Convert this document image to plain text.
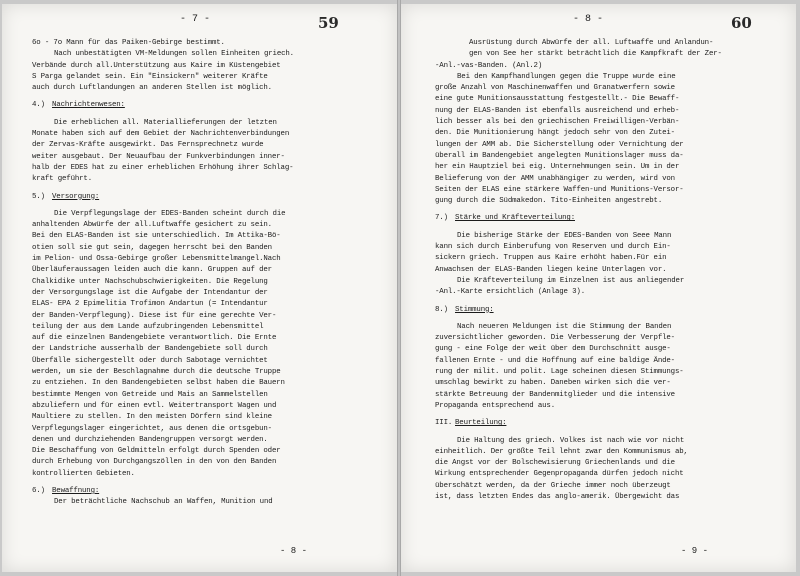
- 7 -	59
6o - 7o Mann für das Paiken-Gebirge bestimmt.
Nach unbestätigten VM-Meldungen sollen Einheiten griech.
Verbände durch all.Unterstützung aus Kaire im Küstengebiet
S Parga gelandet sein. Ein "Einsickern" weiterer Kräfte
auch durch Luftlandungen an anderen Stellen ist möglich.
4.) Nachrichtenwesen:
Die erheblichen all. Materiallieferungen der letzten
Monate haben sich auf dem Gebiet der Nachrichtenverbindungen
der Zervas-Kräfte ausgewirkt. Das Fernsprechnetz wurde
weiter ausgebaut. Der Neuaufbau der Funkverbindungen inner-
halb der EDES hat zu einer erheblichen Erhöhung ihrer Schlag-
kraft geführt.
5.) Versorgung:
Die Verpflegungslage der EDES-Banden scheint durch die
anhaltenden Abwürfe der all.Luftwaffe gesichert zu sein.
Bei den ELAS-Banden ist sie unterschiedlich. Im Attika-Bö-
otien soll sie gut sein, dagegen herrscht bei den Banden
im Pelion- und Ossa-Gebirge großer Lebensmittelmangel.Nach
Überläuferaussagen leiden auch die kann. Gruppen auf der
Chalkidike unter Nachschubschwierigkeiten. Die Regelung
der Versorgungslage ist die Aufgabe der Intendantur der
ELAS- EPA 2 Epimelitia Trofimon Andartun (= Intendantur
der Banden-Verpflegung). Diese ist für eine gerechte Ver-
teilung der aus dem Lande aufzubringenden Lebensmittel
auf die einzelnen Bandengebiete verantwortlich. Die Ernte
der Landstriche ausserhalb der Bandengebiete soll durch
Überfälle sichergestellt oder durch Sabotage vernichtet
werden, um sie der Beschlagnahme durch die deutsche Truppe
zu entziehen. In den Bandengebieten selbst haben die Bauern
bestimmte Mengen von Getreide und Mais an Sammelstellen
abzuliefern und für einen evtl. Weitertransport Wagen und
Maultiere zu stellen. In den meisten Dörfern sind kleine
Verpflegungslager eingerichtet, aus denen die ortsgebun-
denen und durchziehenden Bandengruppen versorgt werden.
Die Beschaffung von Geldmitteln erfolgt durch Spenden oder
durch Erhebung von Durchgangszöllen in den von den Banden
kontrollierten Gebieten.
6.) Bewaffnung:
Der beträchtliche Nachschub an Waffen, Munition und
- 8 -
- 8 -	60
Ausrüstung durch Abwürfe der all. Luftwaffe und Anlandun-
gen von See her stärkt beträchtlich die Kampfkraft der Zer-
-Anl.-vas-Banden. (Anl.2)
Bei den Kampfhandlungen gegen die Truppe wurde eine
große Anzahl von Maschinenwaffen und Granatwerfern sowie
eine gute Munitionsausstattung festgestellt.- Die Bewaff-
nung der ELAS-Banden ist ebenfalls ausreichend und erheb-
lich besser als bei den griechischen Freiwilligen-Verbän-
den. Die Munitionierung hängt jedoch sehr von den Zutei-
lungen der AMM ab. Die Sicherstellung oder Vernichtung der
überall im Bandengebiet angelegten Munitionslager muss da-
her ein Hauptziel bei eig. Unternehmungen sein. Um in der
Belieferung von der AMM unabhängiger zu werden, wird von
Seiten der ELAS eine stärkere Waffen-und Munitions-Versor-
gung durch die Südmakedon. Tito-Einheiten angestrebt.
7.) Stärke und Kräfteverteilung:
Die bisherige Stärke der EDES-Banden von Seee Mann
kann sich durch Einberufung von Reserven und durch Ein-
sickern griech. Truppen aus Kaire erhöht haben.Für ein
Anwachsen der ELAS-Banden liegen keine Unterlagen vor.
Die Kräfteverteilung im Einzelnen ist aus anliegender
-Anl.-Karte ersichtlich (Anlage 3).
8.) Stimmung:
Nach neueren Meldungen ist die Stimmung der Banden
zuversichtlicher geworden. Die Verbesserung der Verpfle-
gung - eine Folge der weit über dem Durchschnitt ausge-
fallenen Ernte - und die Hoffnung auf eine baldige Ände-
rung der milit. und polit. Lage scheinen diesen Stimmungs-
umschlag bewirkt zu haben. Daneben wirken sich die ver-
stärkte Betreuung der Bandenmitglieder und die intensive
Propaganda entsprechend aus.
III. Beurteilung:
Die Haltung des griech. Volkes ist nach wie vor nicht
einheitlich. Der größte Teil lehnt zwar den Kommunismus ab,
die Angst vor der Bolschewisierung Griechenlands und die
Wirkung entsprechender Gegenpropaganda dürfen jedoch nicht
überschätzt werden, da der Grieche immer noch überzeugt
ist, dass letzten Endes das anglo-amerik. Übergewicht das
- 9 -
